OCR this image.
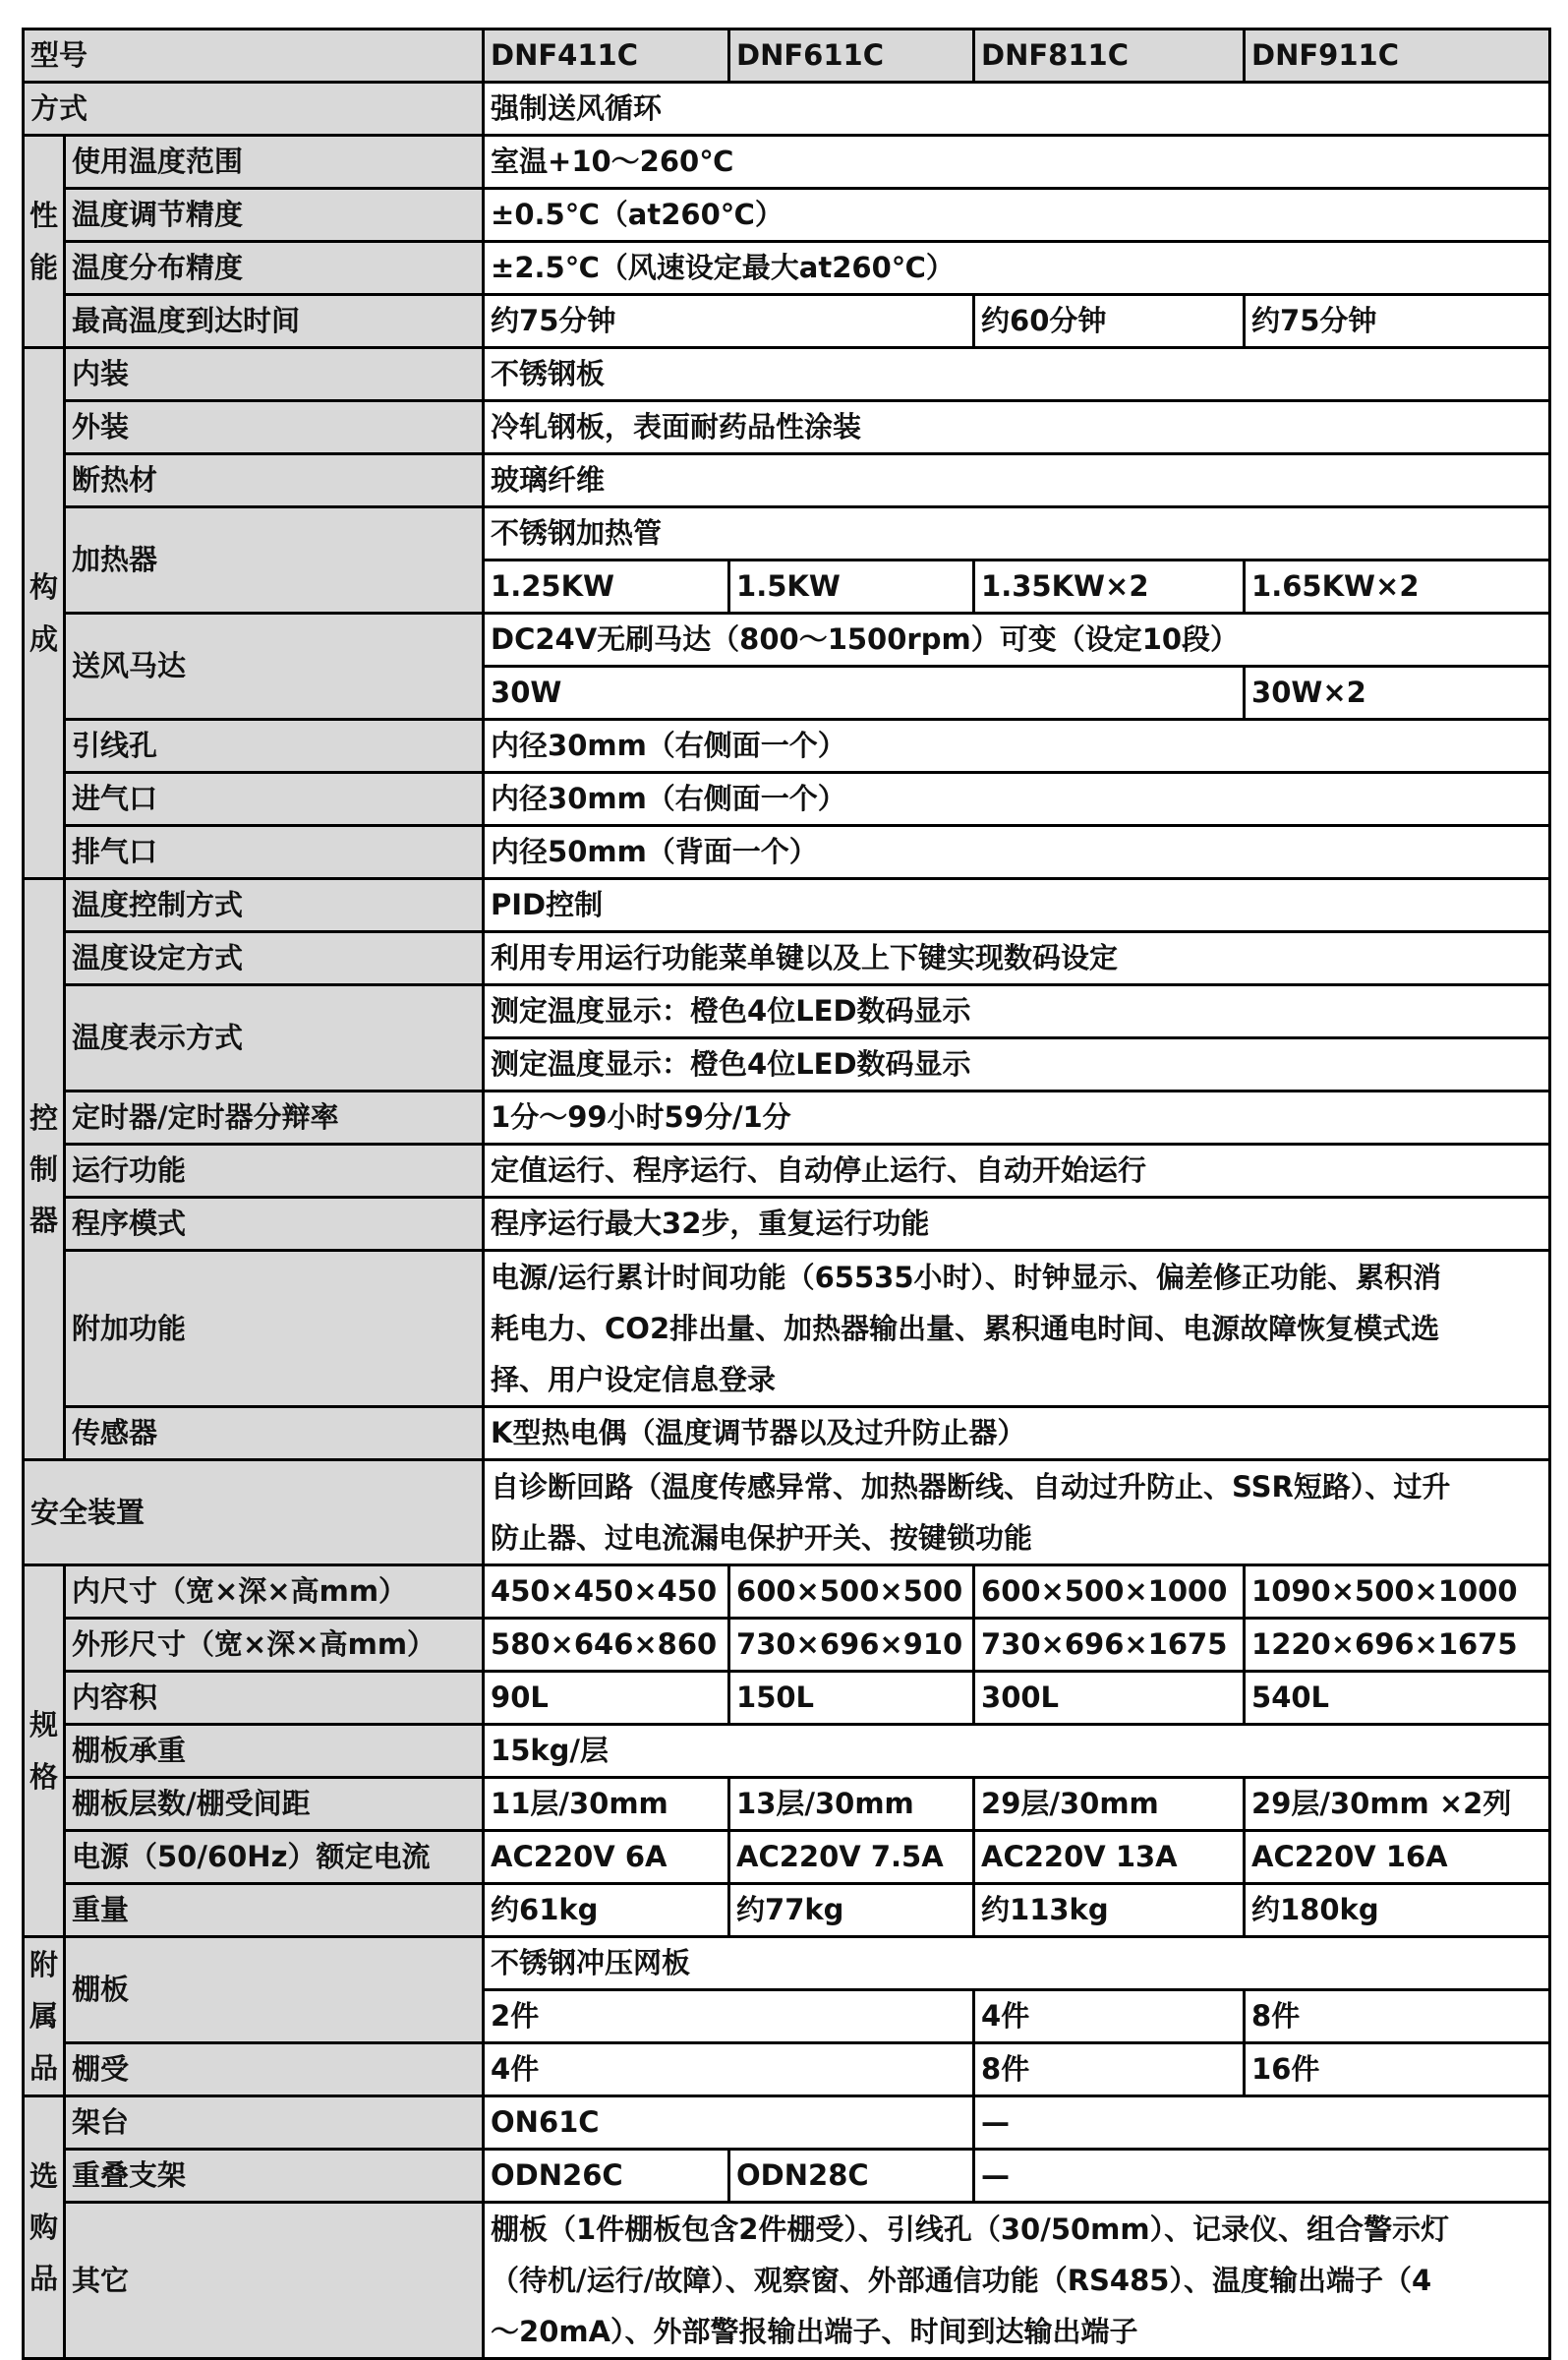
型号		DNF411C	DNF611C	DNF811C	DNF911C
方式		强制送风循环			
性能	使用温度范围	室温+10～260℃			
	温度调节精度	±0.5℃（at260℃）			
	温度分布精度	±2.5℃（风速设定最大at260℃）			
	最高温度到达时间	约75分钟		约60分钟	约75分钟
构成	内装	不锈钢板			
	外装	冷轧钢板，表面耐药品性涂装			
	断热材	玻璃纤维			
	加热器	不锈钢加热管			
		1.25KW	1.5KW	1.35KW×2	1.65KW×2
	送风马达	DC24V无刷马达（800～1500rpm）可变（设定10段）			
		30W			30W×2
	引线孔	内径30mm（右侧面一个）			
	进气口	内径30mm（右侧面一个）			
	排气口	内径50mm（背面一个）			
控制器	温度控制方式	PID控制			
	温度设定方式	利用专用运行功能菜单键以及上下键实现数码设定			
	温度表示方式	测定温度显示：橙色4位LED数码显示			
		测定温度显示：橙色4位LED数码显示			
	定时器/定时器分辩率	1分～99小时59分/1分			
	运行功能	定值运行、程序运行、自动停止运行、自动开始运行			
	程序模式	程序运行最大32步，重复运行功能			
	附加功能	电源/运行累计时间功能（65535小时）、时钟显示、偏差修正功能、累积消
耗电力、CO2排出量、加热器输出量、累积通电时间、电源故障恢复模式选
择、用户设定信息登录			

	传感器	K型热电偶（温度调节器以及过升防止器）			
安全装置		自诊断回路（温度传感异常、加热器断线、自动过升防止、SSR短路）、过升
防止器、过电流漏电保护开关、按键锁功能			

规格	内尺寸（宽×深×高mm）	450×450×450	600×500×500	600×500×1000	1090×500×1000
	外形尺寸（宽×深×高mm）	580×646×860	730×696×910	730×696×1675	1220×696×1675
	内容积	90L	150L	300L	540L
	棚板承重	15kg/层			
	棚板层数/棚受间距	11层/30mm	13层/30mm	29层/30mm	29层/30mm ×2列
	电源（50/60Hz）额定电流	AC220V 6A	AC220V 7.5A	AC220V 13A	AC220V 16A
	重量	约61kg	约77kg	约113kg	约180kg
附属品	棚板	不锈钢冲压网板			
		2件		4件	8件
	棚受	4件		8件	16件
选购品	架台	ON61C		—	
	重叠支架	ODN26C	ODN28C	—	
	其它	棚板（1件棚板包含2件棚受）、引线孔（30/50mm）、记录仪、组合警示灯
（待机/运行/故障）、观察窗、外部通信功能（RS485）、温度输出端子（4
～20mA）、外部警报输出端子、时间到达输出端子			
